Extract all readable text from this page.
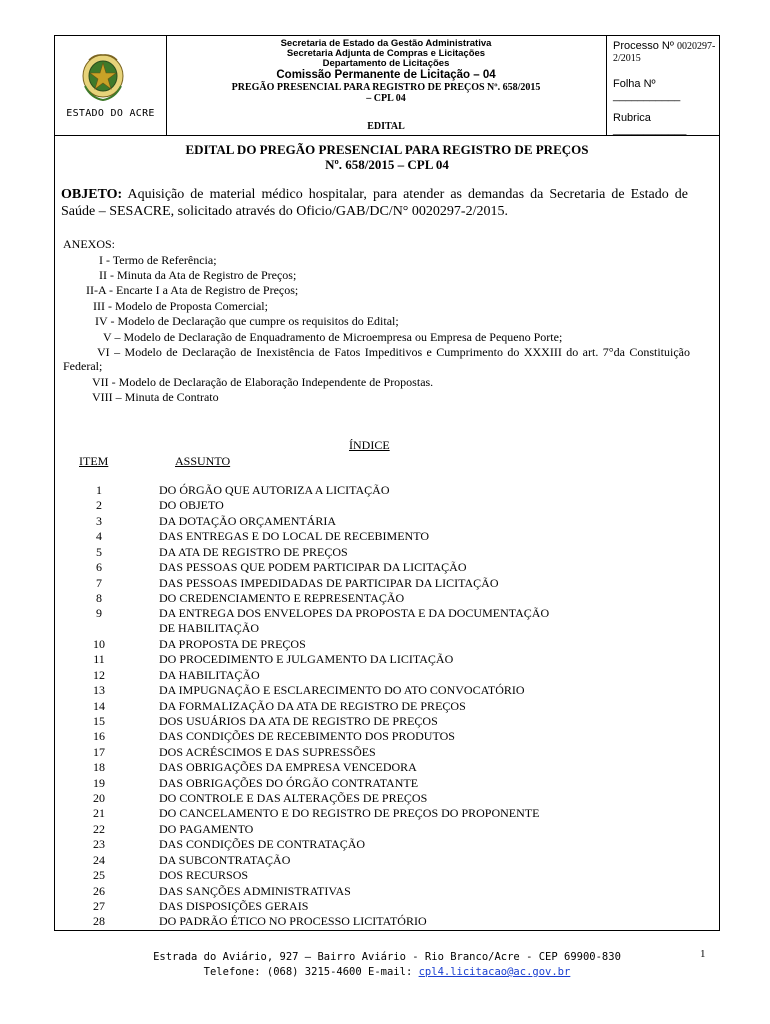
ESTADO DO ACRE
Secretaria de Estado da Gestão Administrativa
Secretaria Adjunta de Compras e Licitações
Departamento de Licitações
Comissão Permanente de Licitação – 04
PREGÃO PRESENCIAL PARA REGISTRO DE PREÇOS Nº. 658/2015
– CPL 04
EDITAL
Processo Nº 0020297-2/2015
Folha Nº ___________
Rubrica ____________
EDITAL DO PREGÃO PRESENCIAL PARA REGISTRO DE PREÇOS
Nº. 658/2015 – CPL 04
OBJETO: Aquisição de material médico hospitalar, para atender as demandas da Secretaria de Estado de Saúde – SESACRE, solicitado através do Oficio/GAB/DC/N° 0020297-2/2015.
ANEXOS:
I - Termo de Referência;
II - Minuta da Ata de Registro de Preços;
II-A - Encarte I a Ata de Registro de Preços;
III - Modelo de Proposta Comercial;
IV - Modelo de Declaração que cumpre os requisitos do Edital;
V – Modelo de Declaração de Enquadramento de Microempresa ou Empresa de Pequeno Porte;
VI – Modelo de Declaração de Inexistência de Fatos Impeditivos e Cumprimento do XXXIII do art. 7°da Constituição Federal;
VII - Modelo de Declaração de Elaboração Independente de Propostas.
VIII – Minuta de Contrato
ÍNDICE
ITEM	ASSUNTO
1	DO ÓRGÃO QUE AUTORIZA A LICITAÇÃO
2	DO OBJETO
3	DA DOTAÇÃO ORÇAMENTÁRIA
4	DAS ENTREGAS E DO LOCAL DE RECEBIMENTO
5	DA ATA DE REGISTRO DE PREÇOS
6	DAS PESSOAS QUE PODEM PARTICIPAR DA LICITAÇÃO
7	DAS PESSOAS IMPEDIDADAS DE PARTICIPAR DA LICITAÇÃO
8	DO CREDENCIAMENTO E REPRESENTAÇÃO
9	DA ENTREGA DOS ENVELOPES DA PROPOSTA E DA DOCUMENTAÇÃO
DE HABILITAÇÃO
10	DA PROPOSTA DE PREÇOS
11	DO PROCEDIMENTO E JULGAMENTO DA LICITAÇÃO
12	DA HABILITAÇÃO
13	DA IMPUGNAÇÃO E ESCLARECIMENTO DO ATO CONVOCATÓRIO
14	DA FORMALIZAÇÃO DA ATA DE REGISTRO DE PREÇOS
15	DOS USUÁRIOS DA ATA DE REGISTRO DE PREÇOS
16	DAS CONDIÇÕES DE RECEBIMENTO DOS PRODUTOS
17	DOS ACRÉSCIMOS E DAS SUPRESSÕES
18	DAS OBRIGAÇÕES DA EMPRESA VENCEDORA
19	DAS OBRIGAÇÕES DO ÓRGÃO CONTRATANTE
20	DO CONTROLE E DAS ALTERAÇÕES DE PREÇOS
21	DO CANCELAMENTO E DO REGISTRO DE PREÇOS DO PROPONENTE
22	DO PAGAMENTO
23	DAS CONDIÇÕES DE CONTRATAÇÃO
24	DA SUBCONTRATAÇÃO
25	DOS RECURSOS
26	DAS SANÇÕES ADMINISTRATIVAS
27	DAS DISPOSIÇÕES GERAIS
28	DO PADRÃO ÉTICO NO PROCESSO LICITATÓRIO
Estrada do Aviário, 927 – Bairro Aviário - Rio Branco/Acre - CEP 69900-830
Telefone: (068) 3215-4600 E-mail: cpl4.licitacao@ac.gov.br
1
